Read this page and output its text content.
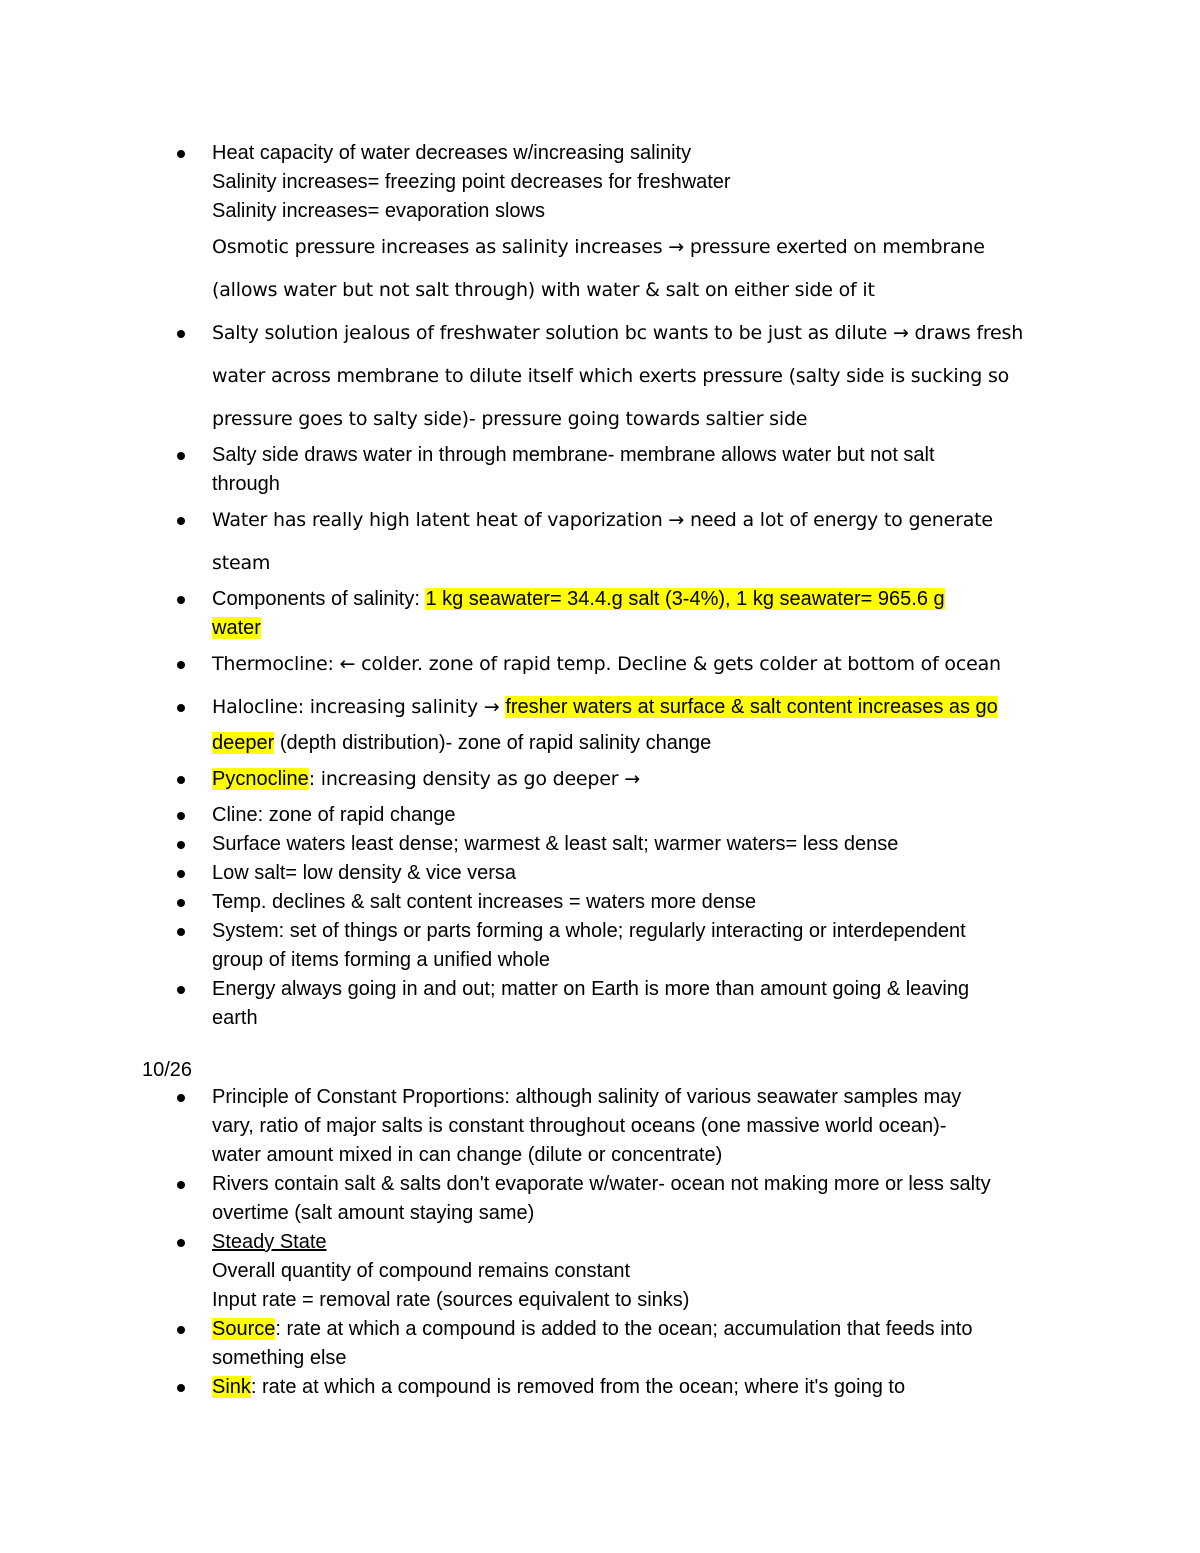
Heat capacity of water decreases w/increasing salinity
Salinity increases= freezing point decreases for freshwater
Salinity increases= evaporation slows
Osmotic pressure increases as salinity increases → pressure exerted on membrane
(allows water but not salt through) with water & salt on either side of it
Salty solution jealous of freshwater solution bc wants to be just as dilute → draws fresh
water across membrane to dilute itself which exerts pressure (salty side is sucking so
pressure goes to salty side)- pressure going towards saltier side
Salty side draws water in through membrane- membrane allows water but not salt
through
Water has really high latent heat of vaporization → need a lot of energy to generate
steam
Components of salinity: 1 kg seawater= 34.4.g salt (3-4%), 1 kg seawater= 965.6 g
water
Thermocline: ← colder. zone of rapid temp. Decline & gets colder at bottom of ocean
Halocline: increasing salinity → fresher waters at surface & salt content increases as go
deeper (depth distribution)- zone of rapid salinity change
Pycnocline: increasing density as go deeper →
Cline: zone of rapid change
Surface waters least dense; warmest & least salt; warmer waters= less dense
Low salt= low density & vice versa
Temp. declines & salt content increases = waters more dense
System: set of things or parts forming a whole; regularly interacting or interdependent
group of items forming a unified whole
Energy always going in and out; matter on Earth is more than amount going & leaving
earth
10/26
Principle of Constant Proportions: although salinity of various seawater samples may
vary, ratio of major salts is constant throughout oceans (one massive world ocean)-
water amount mixed in can change (dilute or concentrate)
Rivers contain salt & salts don't evaporate w/water- ocean not making more or less salty
overtime (salt amount staying same)
Steady State
Overall quantity of compound remains constant
Input rate = removal rate (sources equivalent to sinks)
Source: rate at which a compound is added to the ocean; accumulation that feeds into
something else
Sink: rate at which a compound is removed from the ocean; where it's going to
